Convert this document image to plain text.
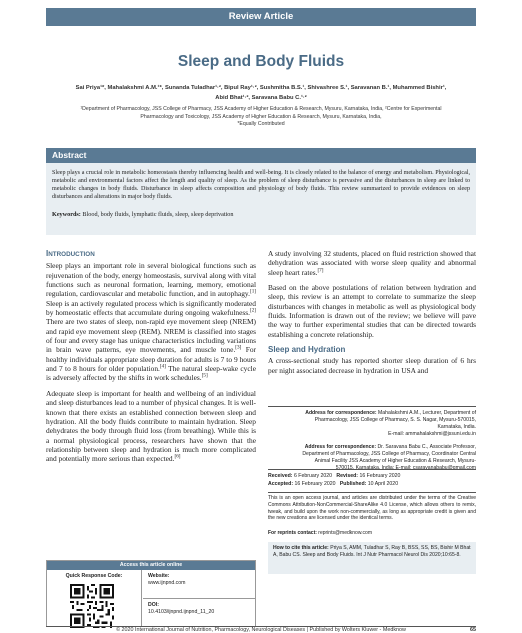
Review Article
Sleep and Body Fluids
Sai Priya¹*, Mahalakshmi A.M.¹*, Sunanda Tuladhar¹·², Bipul Ray¹·², Sushmitha B.S.¹, Shivashree S.¹, Saravanan B.¹, Muhammed Bishir¹,
Abid Bhat¹·², Saravana Babu C.¹·²
¹Department of Pharmacology, JSS College of Pharmacy, JSS Academy of Higher Education & Research, Mysuru, Karnataka, India, ²Centre for Experimental
Pharmacology and Toxicology, JSS Academy of Higher Education & Research, Mysuru, Karnataka, India,
*Equally Contributed
Abstract
Sleep plays a crucial role in metabolic homeostasis thereby influencing health and well-being. It is closely related to the balance of energy and metabolism. Physiological, metabolic and environmental factors affect the length and quality of sleep. As the problem of sleep disturbance is pervasive and the disturbances in sleep are linked to metabolic changes in body fluids. Disturbance in sleep affects composition and physiology of body fluids. This review summarized to provide evidences on sleep disturbances and alterations in major body fluids.
Keywords: Blood, body fluids, lymphatic fluids, sleep, sleep deprivation
INTRODUCTION
Sleep plays an important role in several biological functions such as rejuvenation of the body, energy homeostasis, survival along with vital functions such as neuronal formation, learning, memory, emotional regulation, cardiovascular and metabolic function, and in autophagy.[1] Sleep is an actively regulated process which is significantly moderated by homeostatic effects that accumulate during ongoing wakefulness.[2] There are two states of sleep, non-rapid eye movement sleep (NREM) and rapid eye movement sleep (REM). NREM is classified into stages of four and every stage has unique characteristics including variations in brain wave patterns, eye movements, and muscle tone.[3] For healthy individuals appropriate sleep duration for adults is 7 to 9 hours and 7 to 8 hours for older population.[4] The natural sleep-wake cycle is adversely affected by the shifts in work schedules.[5]
Adequate sleep is important for health and wellbeing of an individual and sleep disturbances lead to a number of physical changes. It is well-known that there exists an established connection between sleep and hydration. All the body fluids contribute to maintain hydration. Sleep dehydrates the body through fluid loss (from breathing). While this is a normal physiological process, researchers have shown that the relationship between sleep and hydration is much more complicated and potentially more serious than expected.[6]
A study involving 32 students, placed on fluid restriction showed that dehydration was associated with worse sleep quality and abnormal sleep heart rates.[7]
Based on the above postulations of relation between hydration and sleep, this review is an attempt to correlate to summarize the sleep disturbances with changes in metabolic as well as physiological body fluids. Information is drawn out of the review; we believe will pave the way to further experimental studies that can be directed towards establishing a concrete relationship.
Sleep and Hydration
A cross-sectional study has reported shorter sleep duration of 6 hrs per night associated decrease in hydration in USA and
Address for correspondence: Mahalakshmi A.M., Lecturer, Department of
Pharmacology, JSS College of Pharmacy, S. S. Nagar, Mysuru-570015,
Karnataka, India.
E-mail: ammahalakshmi@jssuni.edu.in
Address for correspondence: Dr. Saravana Babu C., Associate Professor,
Department of Pharmacology, JSS College of Pharmacy, Coordinator Central
Animal Facility JSS Academy of Higher Education & Research, Mysuru-
570015, Karnataka, India; E-mail: csaravanababu@gmail.com
Received: 6 February 2020 Revised: 16 February 2020
Accepted: 16 February 2020 Published: 10 April 2020
This is an open access journal, and articles are distributed under the terms of the Creative Commons Attribution-NonCommercial-ShareAlike 4.0 License, which allows others to remix, tweak, and build upon the work non-commercially, as long as appropriate credit is given and the new creations are licensed under the identical terms.
For reprints contact: reprints@medknow.com
How to cite this article: Priya S, AMM, Tuladhar S, Ray B, BSS, SS, BS, Bishir M Bhat A, Babu CS. Sleep and Body Fluids. Int J Nutr Pharmacol Neurol Dis 2020;10:65-8.
Access this article online
Quick Response Code:	Website:
www.ijnpnd.com
DOI:
10.4103/ijnpnd.ijnpnd_11_20
© 2020 International Journal of Nutrition, Pharmacology, Neurological Diseases | Published by Wolters Kluwer - Medknow	65
